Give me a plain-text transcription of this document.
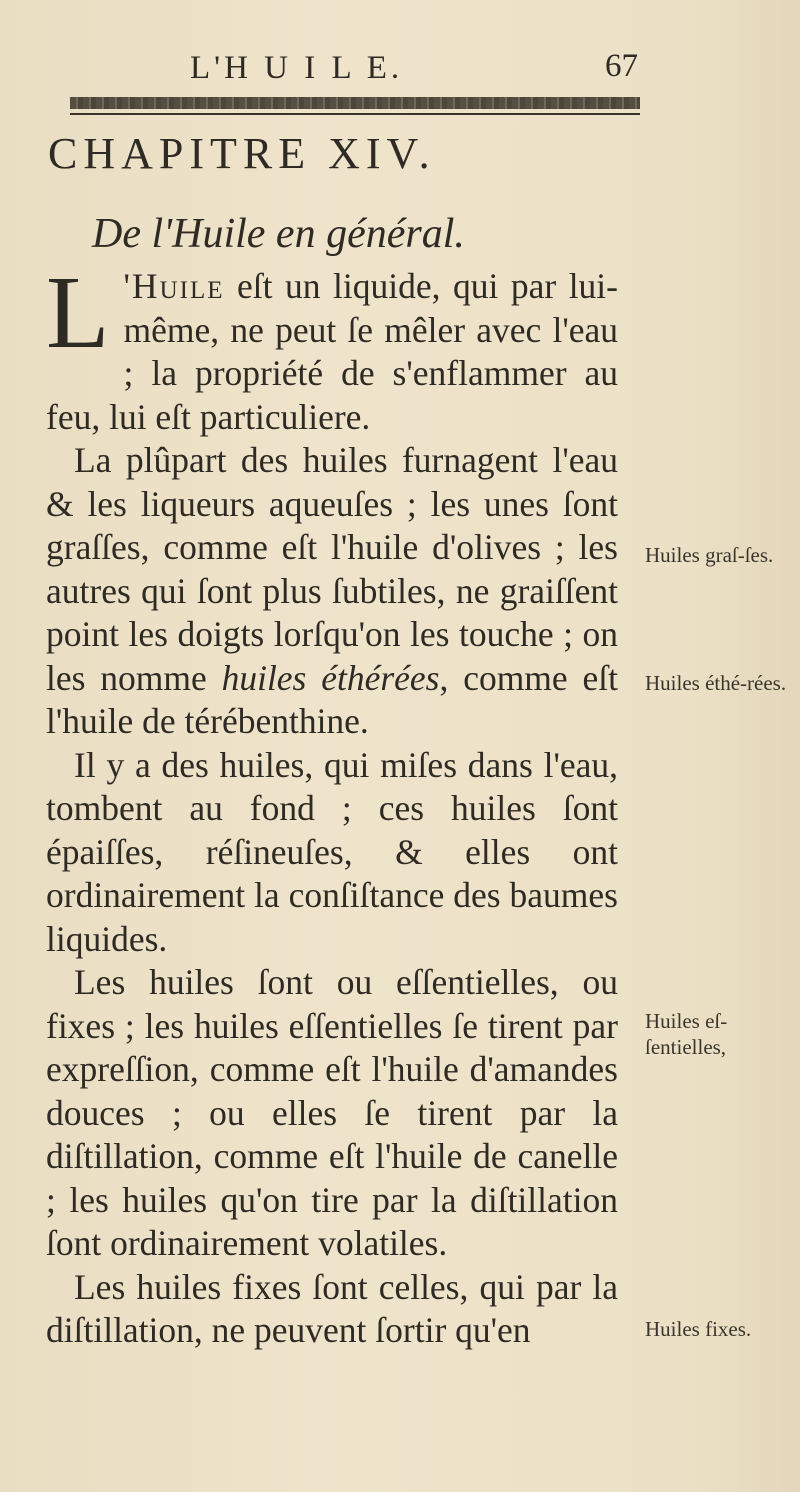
L'H U I L E.	67
CHAPITRE XIV.
De l'Huile en général.

L 'Huile eſt un liquide, qui par lui-même, ne peut ſe mêler avec l'eau ; la propriété de s'enflammer au feu, lui eſt particuliere.

La plûpart des huiles furnagent l'eau & les liqueurs aqueuſes ; les unes ſont graſſes, comme eſt l'huile d'olives ; les autres qui ſont plus ſubtiles, ne graiſſent point les doigts lorſqu'on les touche ; on les nomme huiles éthérées, comme eſt l'huile de térébenthine.

Il y a des huiles, qui miſes dans l'eau, tombent au fond ; ces huiles ſont épaiſſes, réſineuſes, & elles ont ordinairement la conſiſtance des baumes liquides.

Les huiles ſont ou eſſentielles, ou fixes ; les huiles eſſentielles ſe tirent par expreſſion, comme eſt l'huile d'amandes douces ; ou elles ſe tirent par la diſtillation, comme eſt l'huile de canelle ; les huiles qu'on tire par la diſtillation ſont ordinairement volatiles.

Les huiles fixes ſont celles, qui par la diſtillation, ne peuvent ſortir qu'en

Huiles graſ-ſes.
Huiles éthé-rées.
Huiles eſ-ſentielles,
Huiles fixes.
